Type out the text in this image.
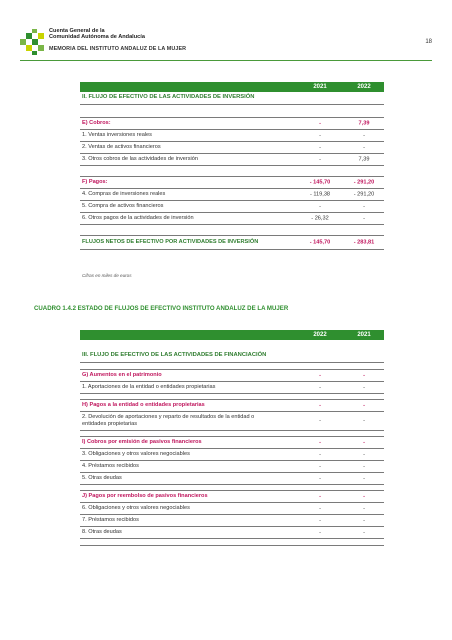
Cuenta General de la
Comunidad Autónoma de Andalucía
MEMORIA DEL INSTITUTO ANDALUZ DE LA MUJER
18
2021	2022
II. FLUJO DE EFECTIVO DE LAS ACTIVIDADES DE INVERSIÓN
E) Cobros:	-	7,39
1. Ventas inversiones reales	-	-
2. Ventas de activos financieros	-	-
3. Otros cobros de las actividades de inversión	-	7,39
F) Pagos:	- 145,70	- 291,20
4. Compras de inversiones reales	- 119,38	- 291,20
5. Compra de activos financieros	-	-
6. Otros pagos de la actividades de inversión	- 26,32	-
FLUJOS NETOS DE EFECTIVO POR ACTIVIDADES DE INVERSIÓN	- 145,70	- 283,81
Cifras en miles de euros
CUADRO 1.4.2 ESTADO DE FLUJOS DE EFECTIVO INSTITUTO ANDALUZ DE LA MUJER
2022	2021
III. FLUJO DE EFECTIVO DE LAS ACTIVIDADES DE FINANCIACIÓN
G) Aumentos en el patrimonio	-	-
1. Aportaciones de la entidad o entidades propietarias	-	-
H) Pagos a la entidad o entidades propietarias	-	-
2. Devolución de aportaciones y reparto de resultados de la entidad o entidades propietarias
-	-
I) Cobros por emisión de pasivos financieros	-	-
3. Obligaciones y otros valores negociables	-	-
4. Préstamos recibidos	-	-
5. Otras deudas	-	-
J) Pagos por reembolso de pasivos financieros	-	-
6. Obligaciones y otros valores negociables	-	-
7. Préstamos recibidos	-	-
8. Otras deudas	-	-
